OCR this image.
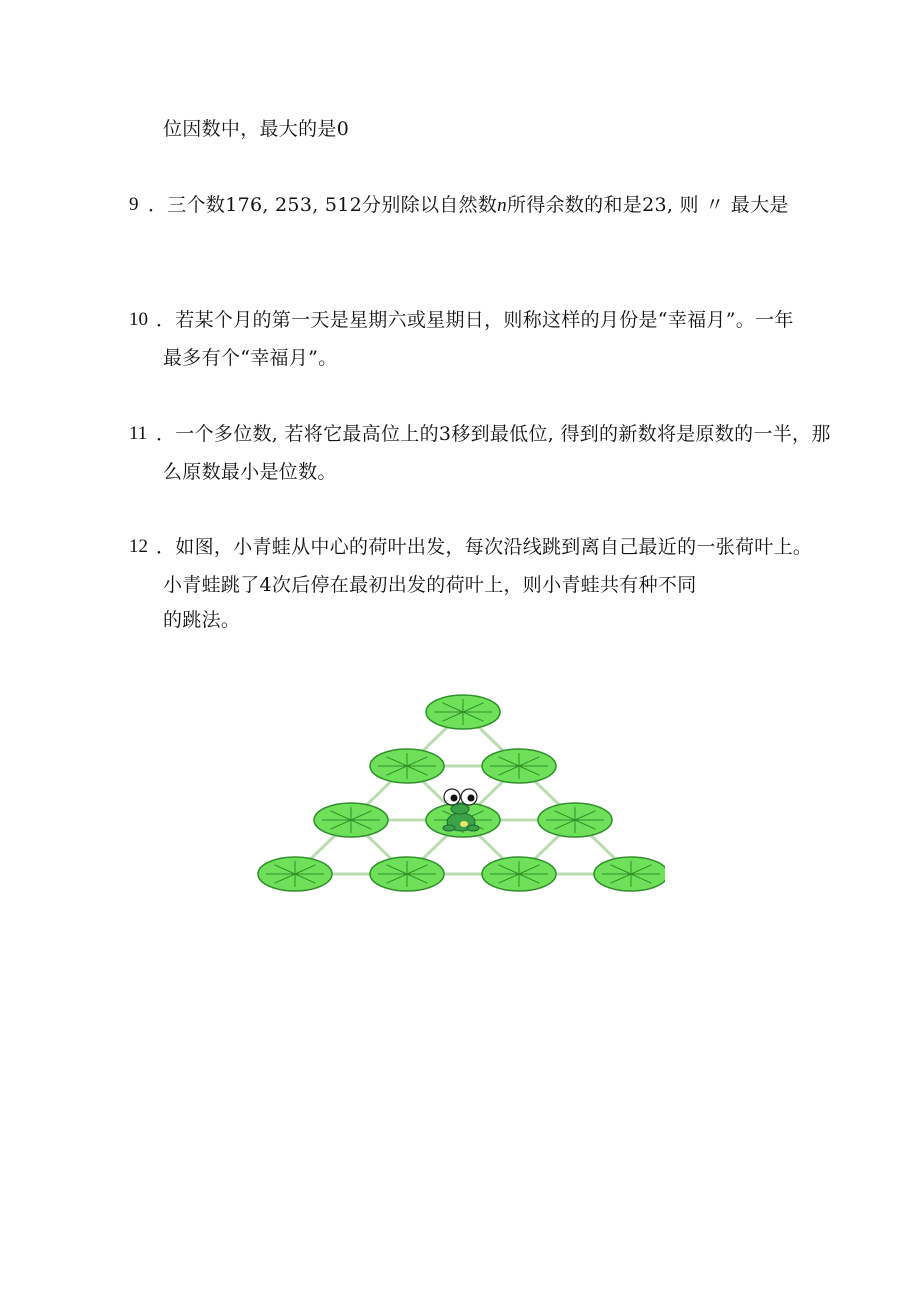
位因数中，最大的是0
9 ．三个数176, 253, 512分别除以自然数n所得余数的和是23, 则 〃 最大是
10 ．若某个月的第一天是星期六或星期日，则称这样的月份是“幸福月”。一年
最多有个“幸福月”。
11 ．一个多位数, 若将它最高位上的3移到最低位, 得到的新数将是原数的一半，那
么原数最小是位数。
12 ．如图，小青蛙从中心的荷叶出发，每次沿线跳到离自己最近的一张荷叶上。
小青蛙跳了4次后停在最初出发的荷叶上，则小青蛙共有种不同
的跳法。
